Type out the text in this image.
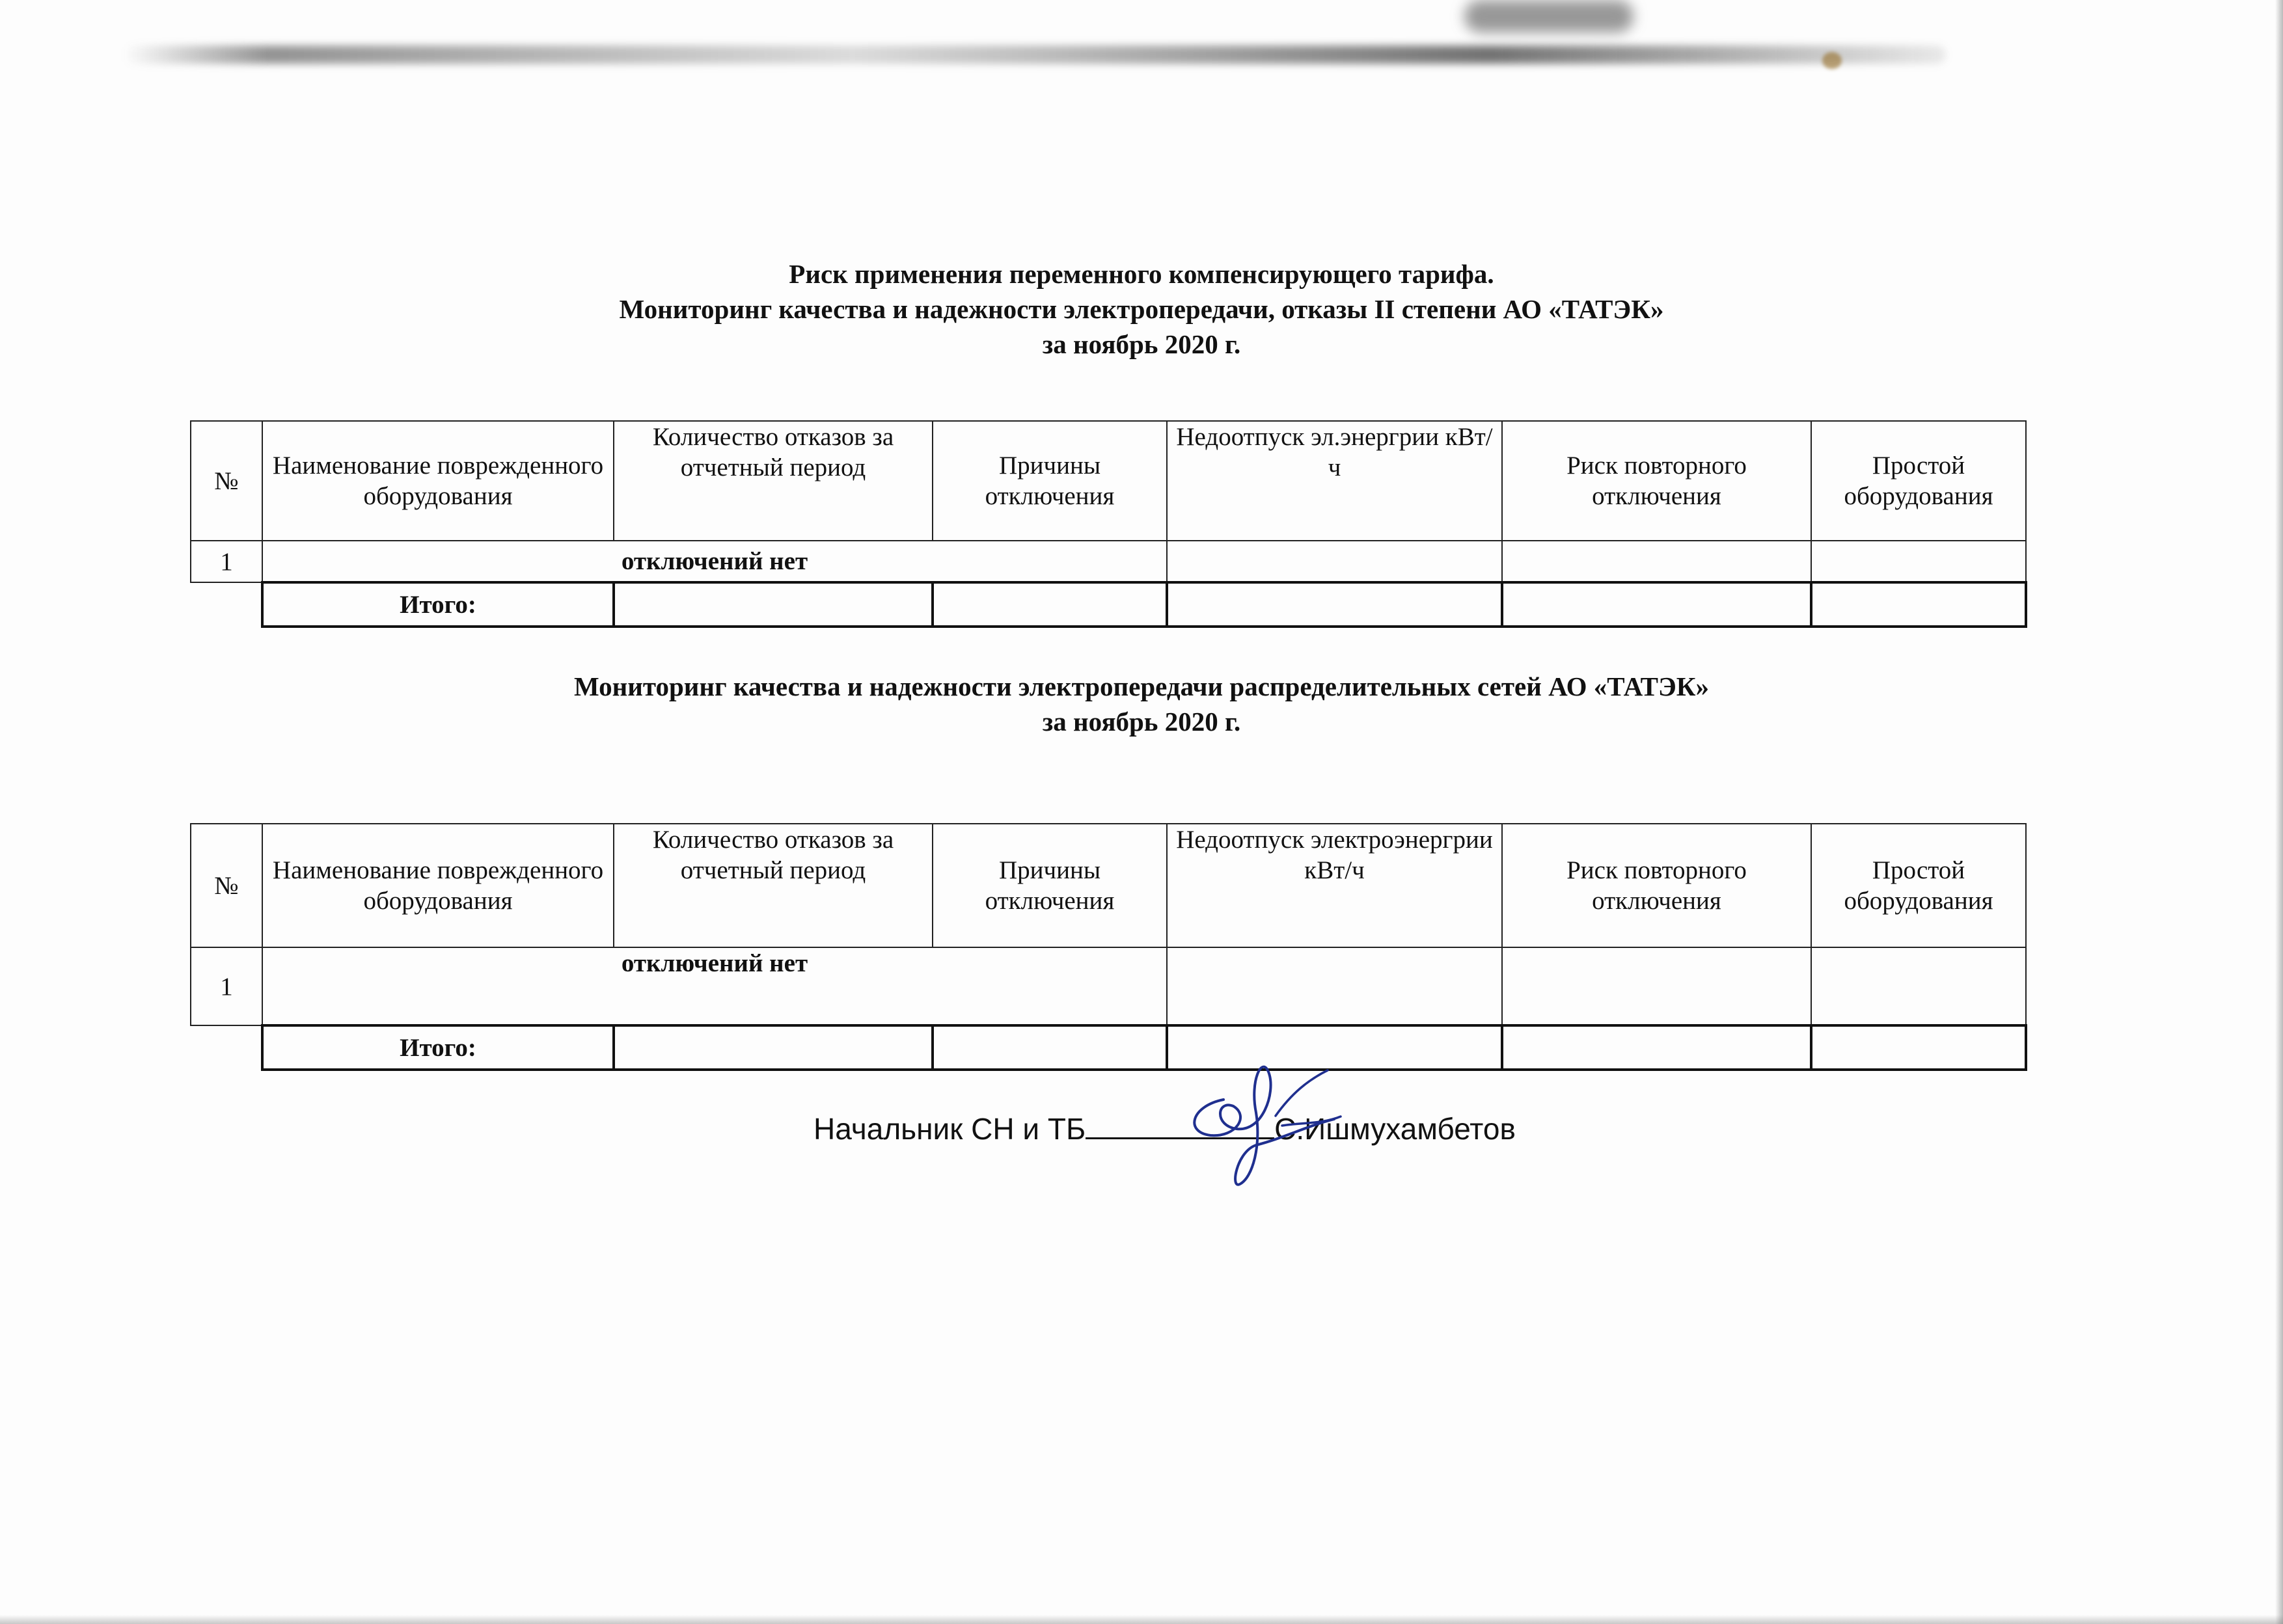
Риск применения переменного компенсирующего тарифа.
Мониторинг качества и надежности электропередачи, отказы II степени АО «ТАТЭК»
за ноябрь 2020 г.
№	Наименование поврежденного оборудования	Количество отказов за отчетный период	Причины отключения	Недоотпуск эл.энергрии кВт/ч	Риск повторного отключения	Простой оборудования
1	отключений нет					
	Итого:					
Мониторинг качества и надежности электропередачи распределительных сетей АО «ТАТЭК»
за ноябрь 2020 г.
№	Наименование поврежденного оборудования	Количество отказов за отчетный период	Причины отключения	Недоотпуск электроэнергрии кВт/ч	Риск повторного отключения	Простой оборудования
1	отключений нет					
	Итого:					
Начальник СН и ТБ	С.Ишмухамбетов
